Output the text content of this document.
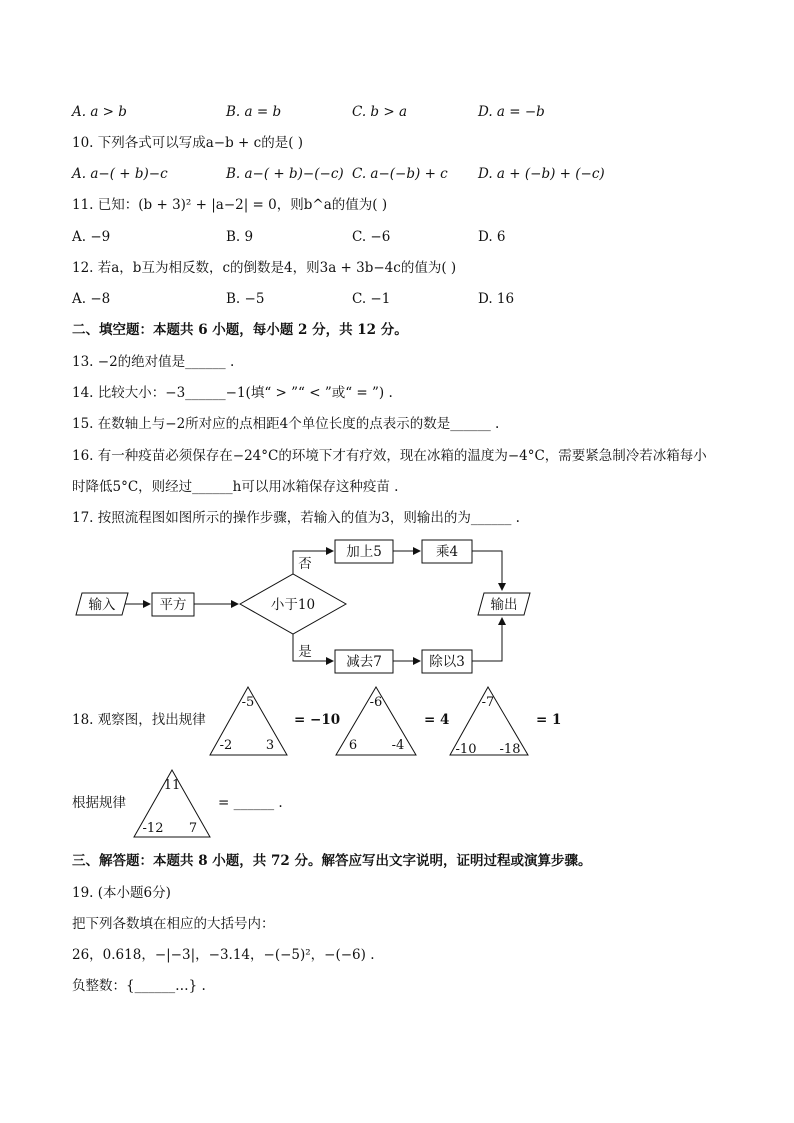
A. a > b	B. a = b	C. b > a	D. a = −b
10. 下列各式可以写成a−b + c的是( )
A. a−( + b)−c	B. a−( + b)−(−c) C. a−(−b) + c D. a + (−b) + (−c)
11. 已知：(b + 3)² + |a−2| = 0，则b^a的值为( )
A. −9	B. 9	C. −6	D. 6
12. 若a，b互为相反数，c的倒数是4，则3a + 3b−4c的值为( )
A. −8	B. −5	C. −1	D. 16
二、填空题：本题共 6 小题，每小题 2 分，共 12 分。
13. −2的绝对值是______ .
14. 比较大小：−3______−1(填“ > ”“ < ”或“ = ”) .
15. 在数轴上与−2所对应的点相距4个单位长度的点表示的数是______ .
16. 有一种疫苗必须保存在−24°C的环境下才有疗效，现在冰箱的温度为−4°C，需要紧急制冷若冰箱每小
时降低5°C，则经过______h可以用冰箱保存这种疫苗 .
17. 按照流程图如图所示的操作步骤，若输入的值为3，则输出的为______ .
输入	平方	小于10
加上5	乘4
减去7	除以3
输出
否
是
18. 观察图，找出规律
-5
-2	3
-6
6	-4
-7
-10 -18
11
-12 7
= −10	= 4	= 1
根据规律	= ______ .
三、解答题：本题共 8 小题，共 72 分。解答应写出文字说明，证明过程或演算步骤。
19. (本小题6分)
把下列各数填在相应的大括号内：
26，0.618，−|−3|，−3.14，−(−5)²，−(−6) .
负整数：{______…} .
